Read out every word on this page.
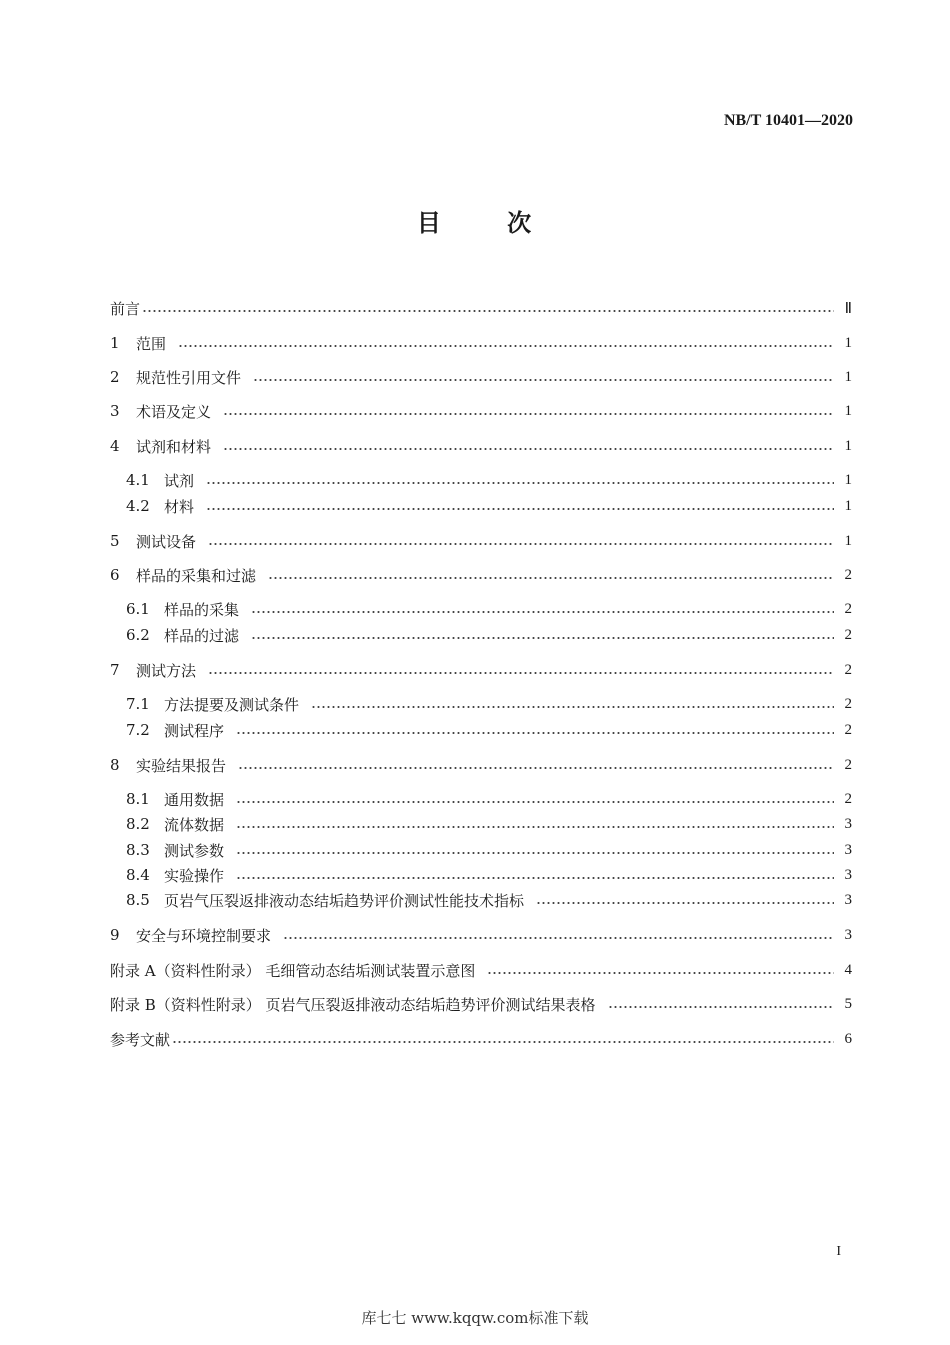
NB/T 10401—2020
目	次
前言	Ⅱ
1	范围	1
2	规范性引用文件	1
3	术语及定义	1
4	试剂和材料	1
4.1 试剂	1
4.2 材料	1
5	测试设备	1
6	样品的采集和过滤	2
6.1 样品的采集	2
6.2 样品的过滤	2
7	测试方法	2
7.1 方法提要及测试条件	2
7.2 测试程序	2
8	实验结果报告	2
8.1 通用数据	2
8.2 流体数据	3
8.3 测试参数	3
8.4 实验操作	3
8.5 页岩气压裂返排液动态结垢趋势评价测试性能技术指标	3
9	安全与环境控制要求	3
附录 A（资料性附录） 毛细管动态结垢测试装置示意图	4
附录 B（资料性附录） 页岩气压裂返排液动态结垢趋势评价测试结果表格	5
参考文献	6
I
库七七 www.kqqw.com标准下载
